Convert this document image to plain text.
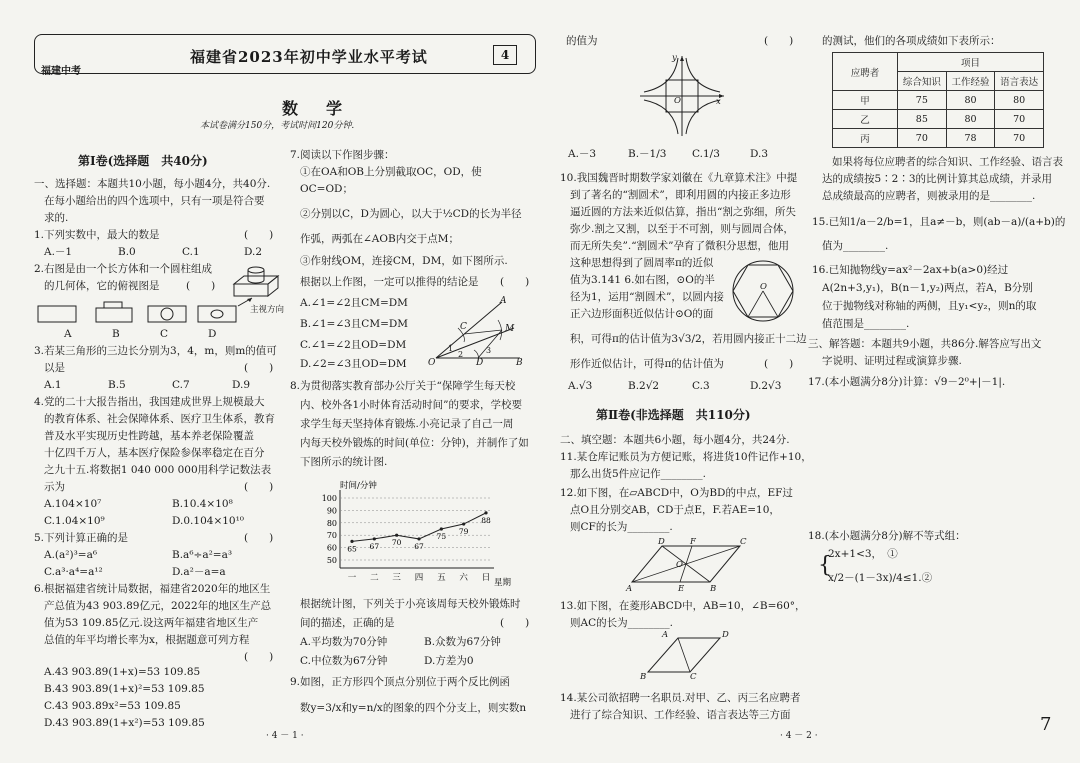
福建省2023年初中学业水平考试
福建中考
4
数　学
本试卷满分150分，考试时间120分钟.
第Ⅰ卷(选择题　共40分)
一、选择题：本题共10小题，每小题4分，共40分.
在每小题给出的四个选项中，只有一项是符合要
求的.
1.下列实数中，最大的数是	(　　)
A.－1	B.0	C.1	D.2
2.右图是由一个长方体和一个圆柱组成
的几何体，它的俯视图是	(　　)
主视方向
A	B	C	D
3.若某三角形的三边长分别为3，4，m，则m的值可
以是	(　　)
A.1	B.5	C.7	D.9
4.党的二十大报告指出，我国建成世界上规模最大
的教育体系、社会保障体系、医疗卫生体系，教育
普及水平实现历史性跨越，基本养老保险覆盖
十亿四千万人，基本医疗保险参保率稳定在百分
之九十五.将数据1 040 000 000用科学记数法表
示为	(　　)
A.104×10⁷	B.10.4×10⁸
C.1.04×10⁹	D.0.104×10¹⁰
5.下列计算正确的是	(　　)
A.(a²)³=a⁶	B.a⁶÷a²=a³
C.a³·a⁴=a¹²	D.a²－a=a
6.根据福建省统计局数据，福建省2020年的地区生
产总值为43 903.89亿元，2022年的地区生产总
值为53 109.85亿元.设这两年福建省地区生产
总值的年平均增长率为x，根据题意可列方程
(　　)
A.43 903.89(1+x)=53 109.85
B.43 903.89(1+x)²=53 109.85
C.43 903.89x²=53 109.85
D.43 903.89(1+x²)=53 109.85
7.阅读以下作图步骤：
①在OA和OB上分别截取OC，OD，使
OC=OD；
②分别以C，D为圆心，以大于½CD的长为半径
作弧，两弧在∠AOB内交于点M；
③作射线OM，连接CM，DM，如下图所示.
根据以上作图，一定可以推得的结论是 (　　)
A.∠1=∠2且CM=DM
B.∠1=∠3且CM=DM
C.∠1=∠2且OD=DM
D.∠2=∠3且OD=DM
A
C	M
O	D	B
1
2	3
8.为贯彻落实教育部办公厅关于“保障学生每天校
内、校外各1小时体育活动时间”的要求，学校要
求学生每天坚持体育锻炼.小亮记录了自己一周
内每天校外锻炼的时间(单位：分钟)，并制作了如
下图所示的统计图.
时间/分钟
星期
50
60
70
80
90
100
一 二 三 四 五 六 日
65 67 70 67
75
79
88
根据统计图，下列关于小亮该周每天校外锻炼时
间的描述，正确的是	(　　)
A.平均数为70分钟	B.众数为67分钟
C.中位数为67分钟	D.方差为0
9.如图，正方形四个顶点分别位于两个反比例函
数y=3/x和y=n/x的图象的四个分支上，则实数n
的值为	(　　)
y
O	x
A.－3	B.－1/3 C.1/3	D.3
10.我国魏晋时期数学家刘徽在《九章算术注》中提
到了著名的“割圆术”，即利用圆的内接正多边形
逼近圆的方法来近似估算，指出“割之弥细，所失
弥少.割之又割，以至于不可割，则与圆周合体，
而无所失矣”.“割圆术”孕育了微积分思想，他用
这种思想得到了圆周率π的近似
值为3.141 6.如右图，⊙O的半
径为1，运用“割圆术”，以圆内接
正六边形面积近似估计⊙O的面
积，可得π的估计值为3√3/2，若用圆内接正十二边
形作近似估计，可得π的估计值为	(　　)
O
A.√3	B.2√2	C.3	D.2√3
第Ⅱ卷(非选择题　共110分)
二、填空题：本题共6小题，每小题4分，共24分.
11.某仓库记账员为方便记账，将进货10件记作+10，
那么出货5件应记作________.
12.如下图，在▱ABCD中，O为BD的中点，EF过
点O且分别交AB，CD于点E，F.若AE=10，
则CF的长为________.
D	F	C
O
A	E	B
13.如下图，在菱形ABCD中，AB=10，∠B=60°，
则AC的长为________.
A	D
B	C
14.某公司欲招聘一名职员.对甲、乙、丙三名应聘者
进行了综合知识、工作经验、语言表达等三方面
的测试，他们的各项成绩如下表所示：
应聘者	项目		
	综合知识	工作经验	语言表达
甲	75	80	80
乙	85	80	70
丙	70	78	70
如果将每位应聘者的综合知识、工作经验、语言表
达的成绩按5∶2∶3的比例计算其总成绩，并录用
总成绩最高的应聘者，则被录用的是________.
15.已知1/a－2/b=1，且a≠－b，则(ab－a)/(a+b)的
值为________.
16.已知抛物线y=ax²－2ax+b(a>0)经过
A(2n+3,y₁)，B(n－1,y₂)两点，若A，B分别
位于抛物线对称轴的两侧，且y₁<y₂，则n的取
值范围是________.
三、解答题：本题共9小题，共86分.解答应写出文
字说明、证明过程或演算步骤.
17.(本小题满分8分)计算：√9－2⁰+|－1|.
18.(本小题满分8分)解不等式组：
{
2x+1<3，　①
x/2－(1－3x)/4≤1.②
· 4 － 1 ·	· 4 － 2 ·
7
